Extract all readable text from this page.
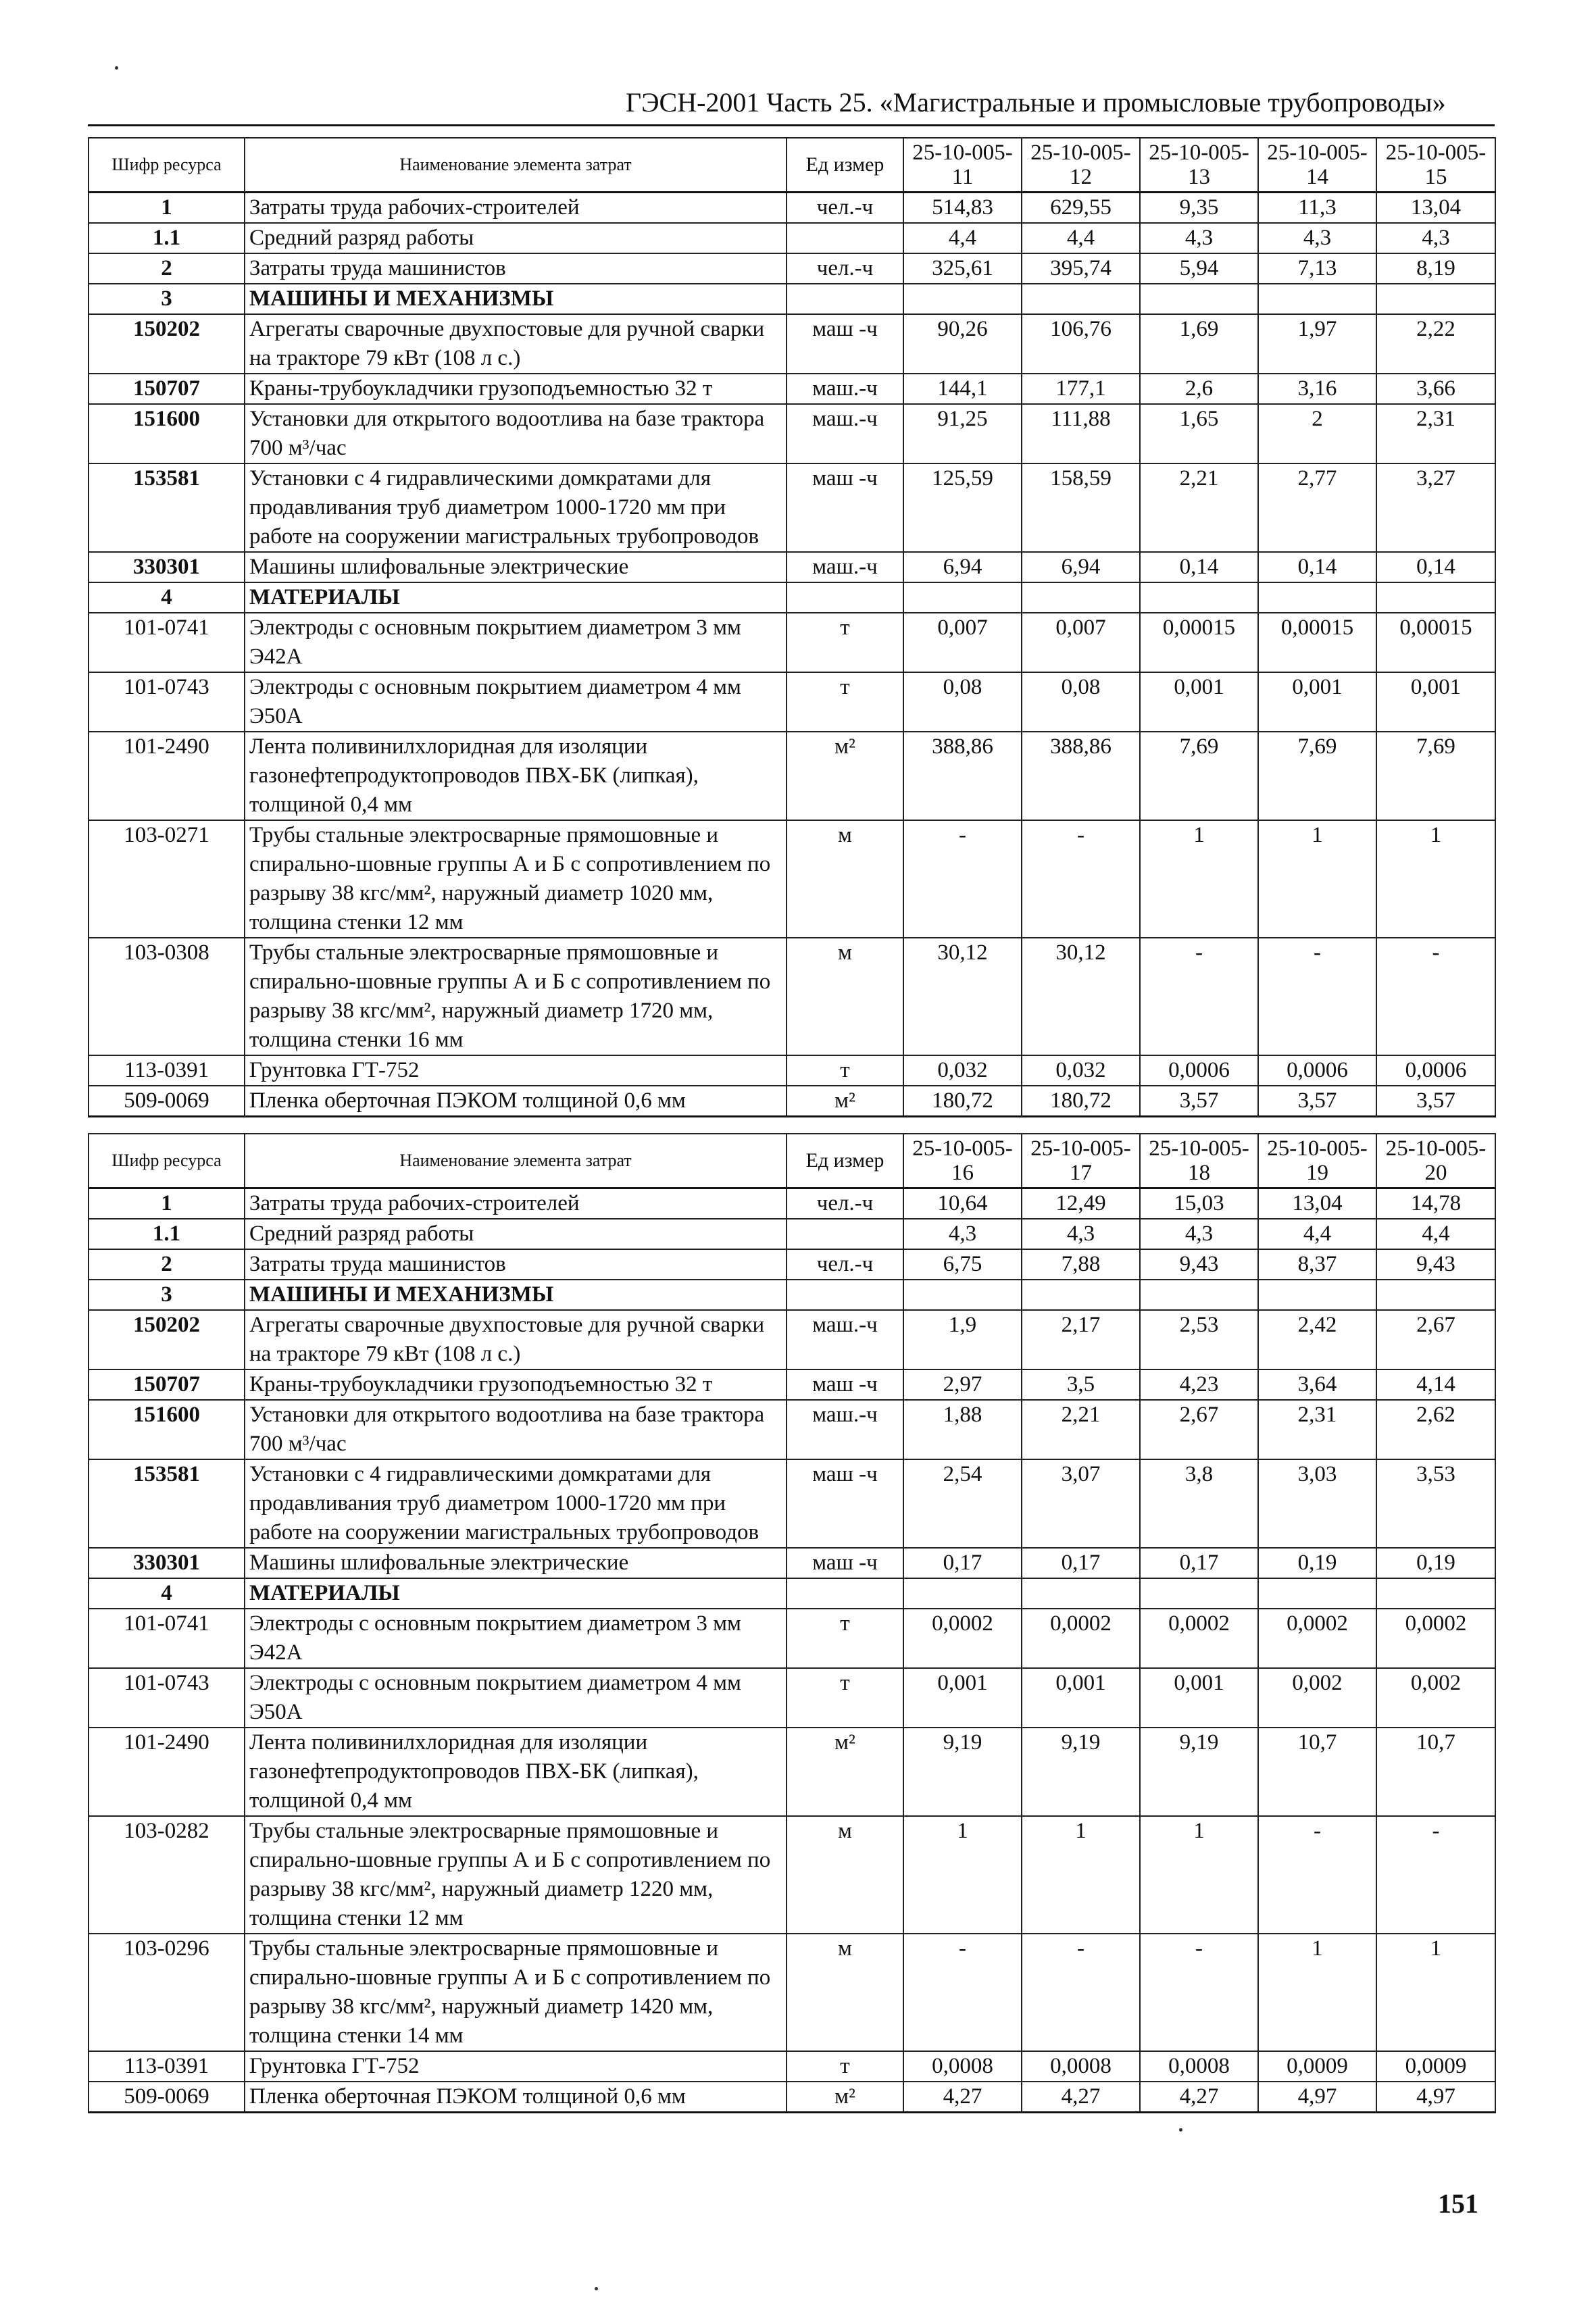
ГЭСН-2001 Часть 25. «Магистральные и промысловые трубопроводы»
Шифр ресурса	Наименование элемента затрат	Ед измер	25-10-005-11	25-10-005-12	25-10-005-13	25-10-005-14	25-10-005-15
1	Затраты труда рабочих-строителей	чел.-ч	514,83	629,55	9,35	11,3	13,04
1.1	Средний разряд работы		4,4	4,4	4,3	4,3	4,3
2	Затраты труда машинистов	чел.-ч	325,61	395,74	5,94	7,13	8,19
3	МАШИНЫ И МЕХАНИЗМЫ						
150202	Агрегаты сварочные двухпостовые для ручной сварки на тракторе 79 кВт (108 л с.)	маш -ч	90,26	106,76	1,69	1,97	2,22
150707	Краны-трубоукладчики грузоподъемностью 32 т	маш.-ч	144,1	177,1	2,6	3,16	3,66
151600	Установки для открытого водоотлива на базе трактора 700 м³/час	маш.-ч	91,25	111,88	1,65	2	2,31
153581	Установки с 4 гидравлическими домкратами для продавливания труб диаметром 1000-1720 мм при работе на сооружении магистральных трубопроводов	маш -ч	125,59	158,59	2,21	2,77	3,27
330301	Машины шлифовальные электрические	маш.-ч	6,94	6,94	0,14	0,14	0,14
4	МАТЕРИАЛЫ						
101-0741	Электроды с основным покрытием диаметром 3 мм Э42А	т	0,007	0,007	0,00015	0,00015	0,00015
101-0743	Электроды с основным покрытием диаметром 4 мм Э50А	т	0,08	0,08	0,001	0,001	0,001
101-2490	Лента поливинилхлоридная для изоляции газонефтепродуктопроводов ПВХ-БК (липкая), толщиной 0,4 мм	м²	388,86	388,86	7,69	7,69	7,69
103-0271	Трубы стальные электросварные прямошовные и спирально-шовные группы А и Б с сопротивлением по разрыву 38 кгс/мм², наружный диаметр 1020 мм, толщина стенки 12 мм	м	-	-	1	1	1
103-0308	Трубы стальные электросварные прямошовные и спирально-шовные группы А и Б с сопротивлением по разрыву 38 кгс/мм², наружный диаметр 1720 мм, толщина стенки 16 мм	м	30,12	30,12	-	-	-
113-0391	Грунтовка ГТ-752	т	0,032	0,032	0,0006	0,0006	0,0006
509-0069	Пленка оберточная ПЭКОМ толщиной 0,6 мм	м²	180,72	180,72	3,57	3,57	3,57
Шифр ресурса	Наименование элемента затрат	Ед измер	25-10-005-16	25-10-005-17	25-10-005-18	25-10-005-19	25-10-005-20
1	Затраты труда рабочих-строителей	чел.-ч	10,64	12,49	15,03	13,04	14,78
1.1	Средний разряд работы		4,3	4,3	4,3	4,4	4,4
2	Затраты труда машинистов	чел.-ч	6,75	7,88	9,43	8,37	9,43
3	МАШИНЫ И МЕХАНИЗМЫ						
150202	Агрегаты сварочные двухпостовые для ручной сварки на тракторе 79 кВт (108 л с.)	маш.-ч	1,9	2,17	2,53	2,42	2,67
150707	Краны-трубоукладчики грузоподъемностью 32 т	маш -ч	2,97	3,5	4,23	3,64	4,14
151600	Установки для открытого водоотлива на базе трактора 700 м³/час	маш.-ч	1,88	2,21	2,67	2,31	2,62
153581	Установки с 4 гидравлическими домкратами для продавливания труб диаметром 1000-1720 мм при работе на сооружении магистральных трубопроводов	маш -ч	2,54	3,07	3,8	3,03	3,53
330301	Машины шлифовальные электрические	маш -ч	0,17	0,17	0,17	0,19	0,19
4	МАТЕРИАЛЫ						
101-0741	Электроды с основным покрытием диаметром 3 мм Э42А	т	0,0002	0,0002	0,0002	0,0002	0,0002
101-0743	Электроды с основным покрытием диаметром 4 мм Э50А	т	0,001	0,001	0,001	0,002	0,002
101-2490	Лента поливинилхлоридная для изоляции газонефтепродуктопроводов ПВХ-БК (липкая), толщиной 0,4 мм	м²	9,19	9,19	9,19	10,7	10,7
103-0282	Трубы стальные электросварные прямошовные и спирально-шовные группы А и Б с сопротивлением по разрыву 38 кгс/мм², наружный диаметр 1220 мм, толщина стенки 12 мм	м	1	1	1	-	-
103-0296	Трубы стальные электросварные прямошовные и спирально-шовные группы А и Б с сопротивлением по разрыву 38 кгс/мм², наружный диаметр 1420 мм, толщина стенки 14 мм	м	-	-	-	1	1
113-0391	Грунтовка ГТ-752	т	0,0008	0,0008	0,0008	0,0009	0,0009
509-0069	Пленка оберточная ПЭКОМ толщиной 0,6 мм	м²	4,27	4,27	4,27	4,97	4,97
151
